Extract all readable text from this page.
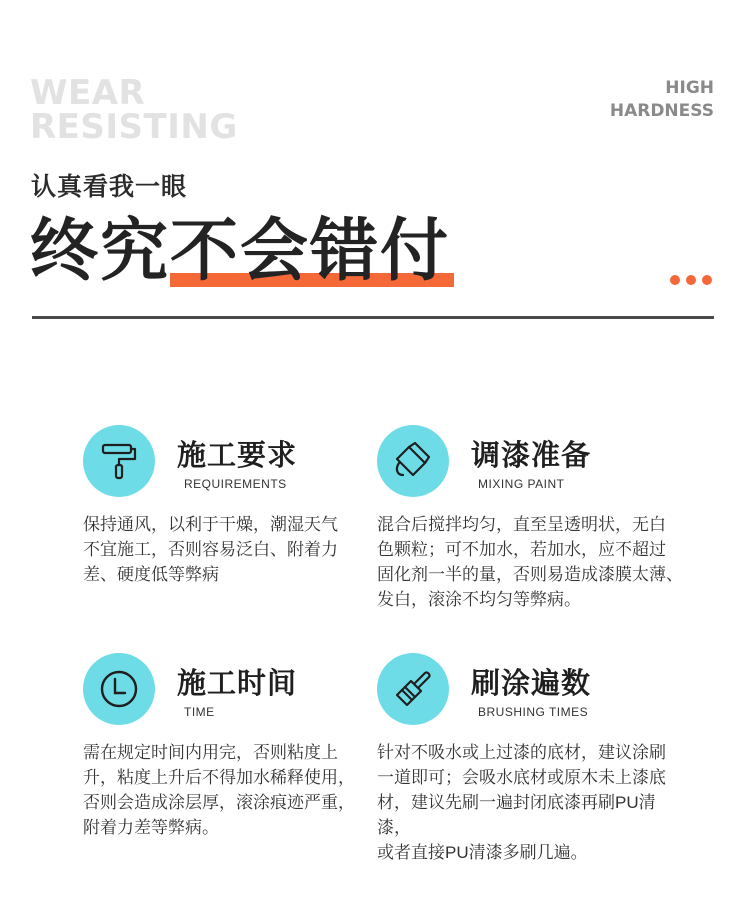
WEAR
RESISTING
HIGH
HARDNESS
认真看我一眼
终究不会错付
施工要求
REQUIREMENTS
保持通风，以利于干燥，潮湿天气
不宜施工，否则容易泛白、附着力
差、硬度低等弊病
调漆准备
MIXING PAINT
混合后搅拌均匀，直至呈透明状，无白
色颗粒；可不加水，若加水，应不超过
固化剂一半的量，否则易造成漆膜太薄、
发白，滚涂不均匀等弊病。
施工时间
TIME
需在规定时间内用完，否则粘度上
升，粘度上升后不得加水稀释使用，
否则会造成涂层厚，滚涂痕迹严重，
附着力差等弊病。
刷涂遍数
BRUSHING TIMES
针对不吸水或上过漆的底材，建议涂刷
一道即可；会吸水底材或原木未上漆底
材，建议先刷一遍封闭底漆再刷PU清漆，
或者直接PU清漆多刷几遍。
